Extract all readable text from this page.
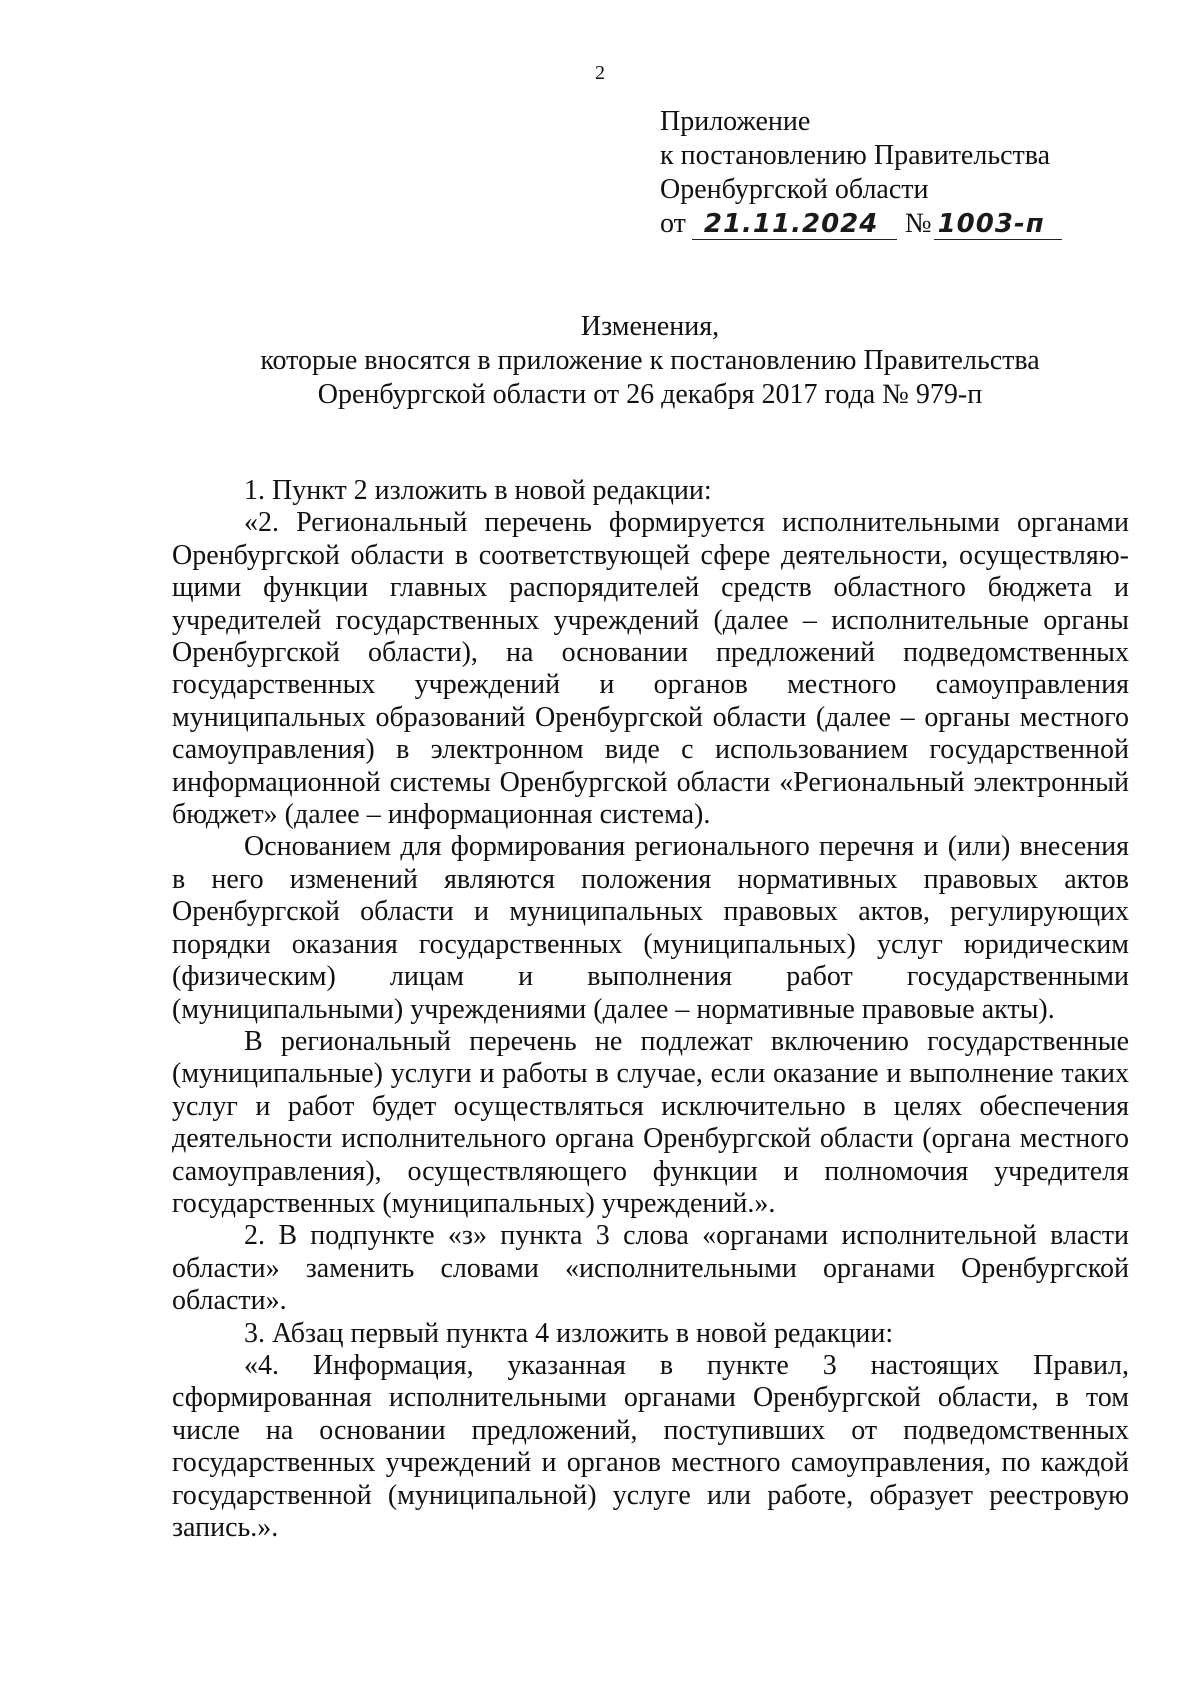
2
Приложение
к постановлению Правительства
Оренбургской области
от 21.11.2024 № 1003-п
Изменения,
которые вносятся в приложение к постановлению Правительства
Оренбургской области от 26 декабря 2017 года № 979-п

1. Пункт 2 изложить в новой редакции:

«2. Региональный перечень формируется исполнительными органами Оренбургской области в соответствующей сфере деятельности, осуществляющими функции главных распорядителей средств областного бюджета и учредителей государственных учреждений (далее – исполнительные органы Оренбургской области), на основании предложений подведомственных государственных учреждений и органов местного самоуправления муниципальных образований Оренбургской области (далее – органы местного самоуправления) в электронном виде с использованием государственной информационной системы Оренбургской области «Региональный электронный бюджет» (далее – информационная система).

Основанием для формирования регионального перечня и (или) внесения в него изменений являются положения нормативных правовых актов Оренбургской области и муниципальных правовых актов, регулирующих порядки оказания государственных (муниципальных) услуг юридическим (физическим) лицам и выполнения работ государственными (муниципальными) учреждениями (далее – нормативные правовые акты).

В региональный перечень не подлежат включению государственные (муниципальные) услуги и работы в случае, если оказание и выполнение таких услуг и работ будет осуществляться исключительно в целях обеспечения деятельности исполнительного органа Оренбургской области (органа местного самоуправления), осуществляющего функции и полномочия учредителя государственных (муниципальных) учреждений.».

2. В подпункте «з» пункта 3 слова «органами исполнительной власти области» заменить словами «исполнительными органами Оренбургской области».

3. Абзац первый пункта 4 изложить в новой редакции:

«4. Информация, указанная в пункте 3 настоящих Правил, сформированная исполнительными органами Оренбургской области, в том числе на основании предложений, поступивших от подведомственных государственных учреждений и органов местного самоуправления, по каждой государственной (муниципальной) услуге или работе, образует реестровую запись.».
